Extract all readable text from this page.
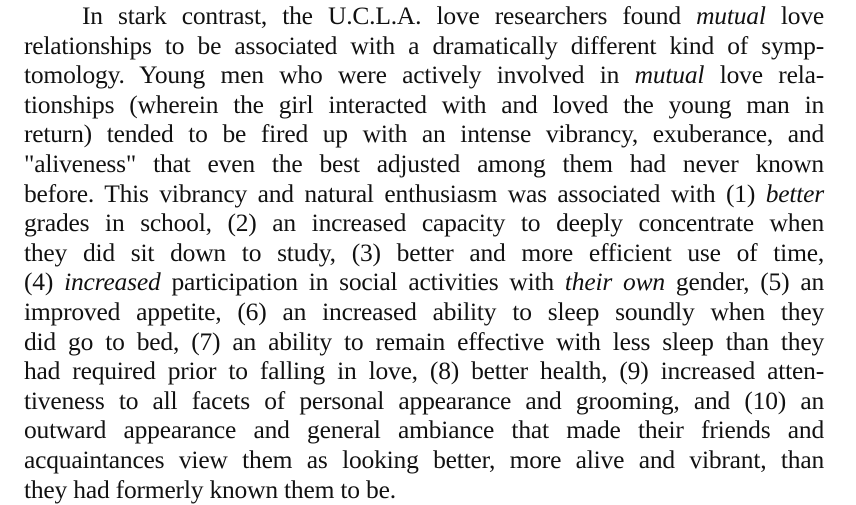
In stark contrast, the U.C.L.A. love researchers found mutual love
relationships to be associated with a dramatically different kind of symp-
tomology. Young men who were actively involved in mutual love rela-
tionships (wherein the girl interacted with and loved the young man in
return) tended to be fired up with an intense vibrancy, exuberance, and
"aliveness" that even the best adjusted among them had never known
before. This vibrancy and natural enthusiasm was associated with (1) better
grades in school, (2) an increased capacity to deeply concentrate when
they did sit down to study, (3) better and more efficient use of time,
(4) increased participation in social activities with their own gender, (5) an
improved appetite, (6) an increased ability to sleep soundly when they
did go to bed, (7) an ability to remain effective with less sleep than they
had required prior to falling in love, (8) better health, (9) increased atten-
tiveness to all facets of personal appearance and grooming, and (10) an
outward appearance and general ambiance that made their friends and
acquaintances view them as looking better, more alive and vibrant, than
they had formerly known them to be.
